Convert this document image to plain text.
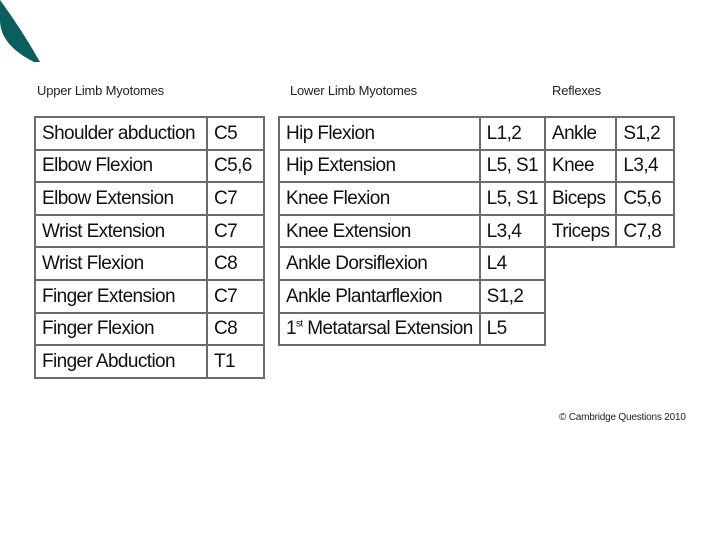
Upper Limb Myotomes
Shoulder abduction	C5
Elbow Flexion	C5,6
Elbow Extension	C7
Wrist Extension	C7
Wrist Flexion	C8
Finger Extension	C7
Finger Flexion	C8
Finger Abduction	T1
Lower Limb Myotomes
Hip Flexion	L1,2
Hip Extension	L5, S1
Knee Flexion	L5, S1
Knee Extension	L3,4
Ankle Dorsiflexion	L4
Ankle Plantarflexion	S1,2
1st Metatarsal Extension	L5
Reflexes
Ankle	S1,2
Knee	L3,4
Biceps	C5,6
Triceps	C7,8
© Cambridge Questions 2010
